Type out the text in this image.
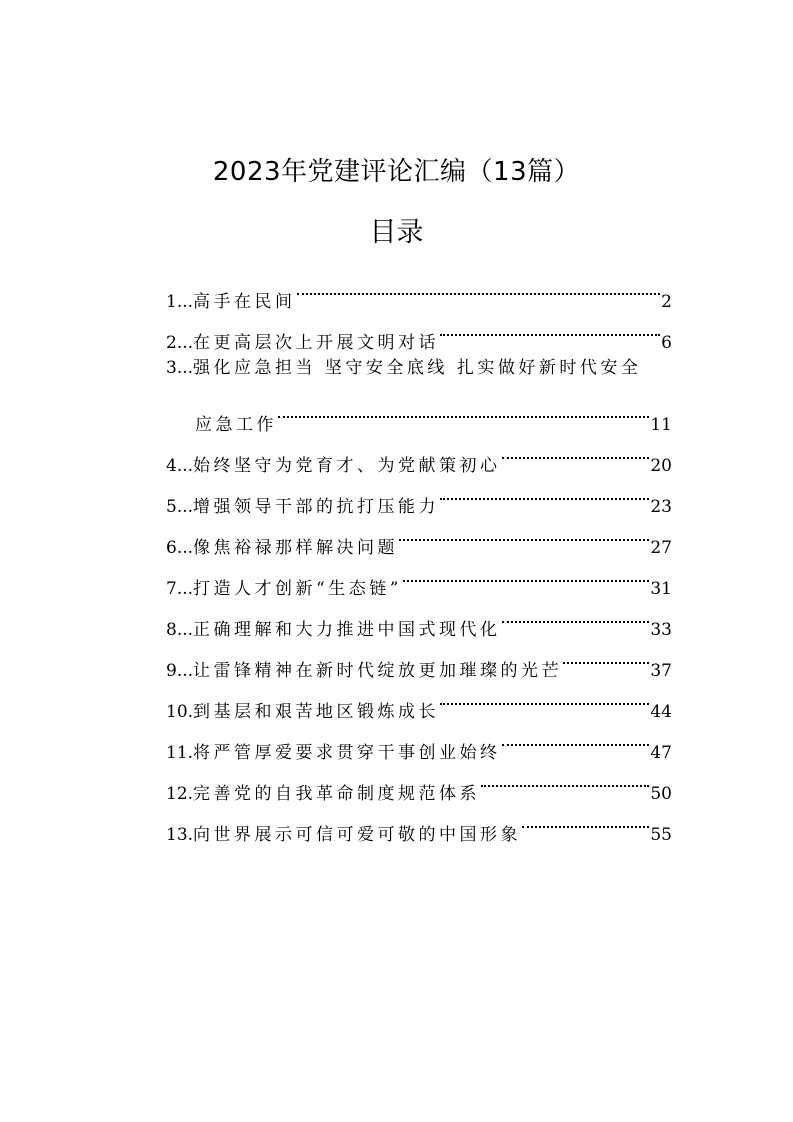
2023年党建评论汇编（13篇）
目录
1... 高手在民间	2
2... 在更高层次上开展文明对话	6
3... 强化应急担当 坚守安全底线 扎实做好新时代安全
应急工作	11
4... 始终坚守为党育才、为党献策初心	20
5... 增强领导干部的抗打压能力	23
6... 像焦裕禄那样解决问题	27
7... 打造人才创新“生态链”	31
8... 正确理解和大力推进中国式现代化	33
9... 让雷锋精神在新时代绽放更加璀璨的光芒	37
10. 到基层和艰苦地区锻炼成长	44
11. 将严管厚爱要求贯穿干事创业始终	47
12. 完善党的自我革命制度规范体系	50
13. 向世界展示可信可爱可敬的中国形象	55
